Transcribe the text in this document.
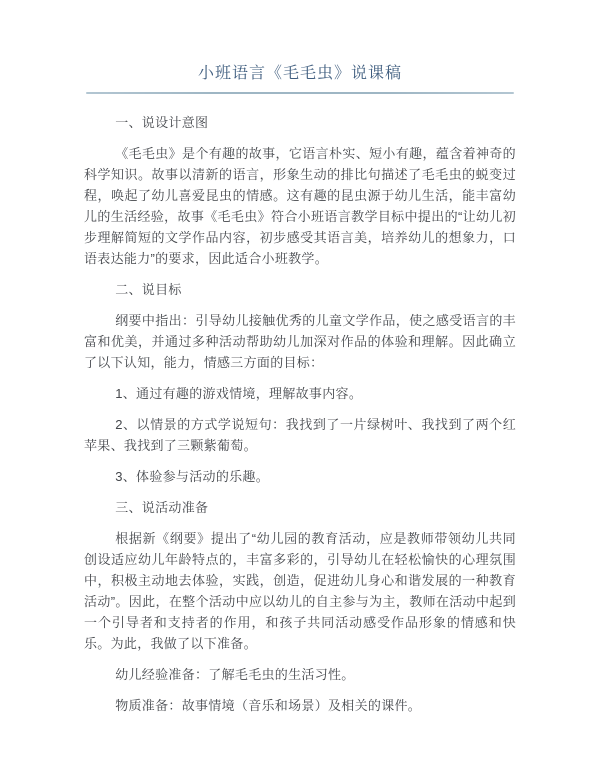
小班语言《毛毛虫》说课稿

一、说设计意图

《毛毛虫》是个有趣的故事，它语言朴实、短小有趣，蕴含着神奇的科学知识。故事以清新的语言，形象生动的排比句描述了毛毛虫的蜕变过程，唤起了幼儿喜爱昆虫的情感。这有趣的昆虫源于幼儿生活，能丰富幼儿的生活经验，故事《毛毛虫》符合小班语言教学目标中提出的“让幼儿初步理解简短的文学作品内容，初步感受其语言美，培养幼儿的想象力，口语表达能力”的要求，因此适合小班教学。

二、说目标

纲要中指出：引导幼儿接触优秀的儿童文学作品，使之感受语言的丰富和优美，并通过多种活动帮助幼儿加深对作品的体验和理解。因此确立了以下认知，能力，情感三方面的目标：

1、通过有趣的游戏情境，理解故事内容。

2、以情景的方式学说短句：我找到了一片绿树叶、我找到了两个红苹果、我找到了三颗紫葡萄。

3、体验参与活动的乐趣。

三、说活动准备

根据新《纲要》提出了“幼儿园的教育活动，应是教师带领幼儿共同创设适应幼儿年龄特点的，丰富多彩的，引导幼儿在轻松愉快的心理氛围中，积极主动地去体验，实践，创造，促进幼儿身心和谐发展的一种教育活动”。因此，在整个活动中应以幼儿的自主参与为主，教师在活动中起到一个引导者和支持者的作用，和孩子共同活动感受作品形象的情感和快乐。为此，我做了以下准备。

幼儿经验准备：了解毛毛虫的生活习性。

物质准备：故事情境（音乐和场景）及相关的课件。
